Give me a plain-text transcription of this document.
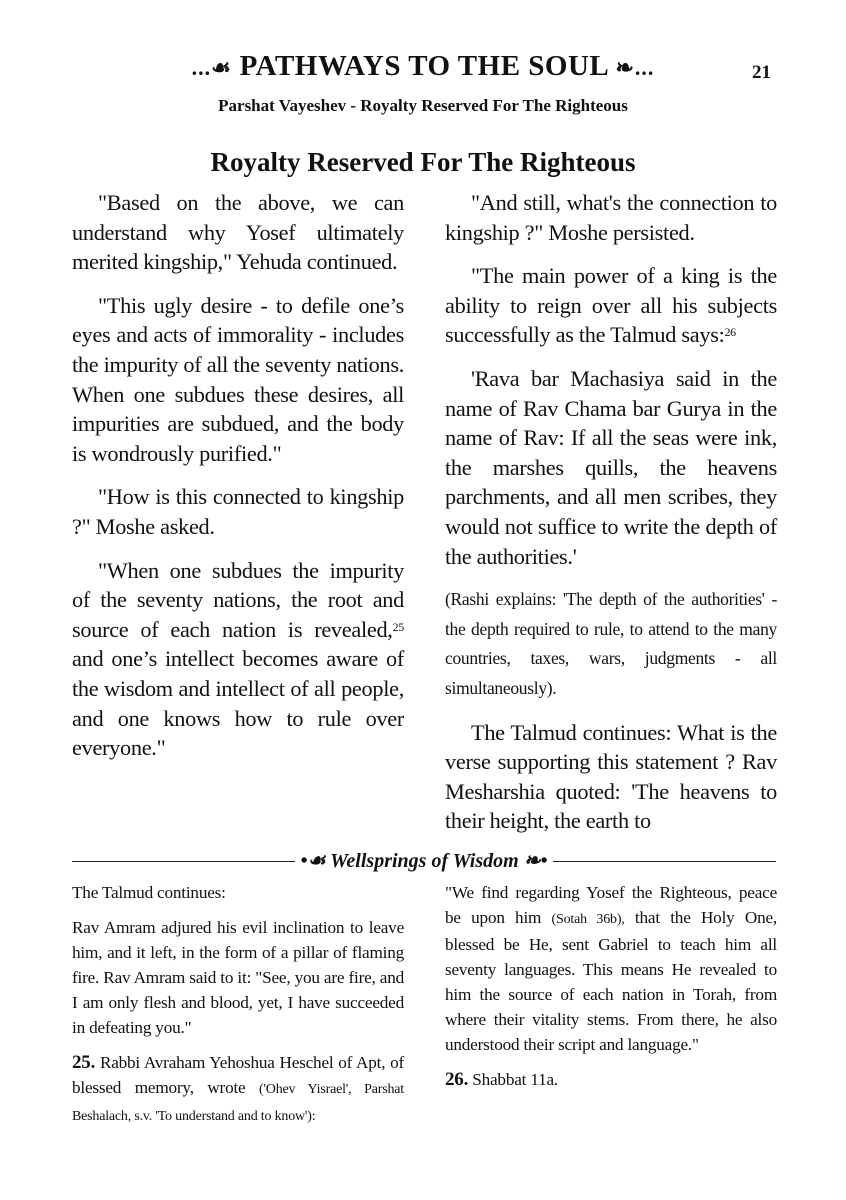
...☙ PATHWAYS TO THE SOUL ❧...	21
Parshat Vayeshev - Royalty Reserved For The Righteous
Royalty Reserved For The Righteous

"Based on the above, we can understand why Yosef ultimately merited kingship," Yehuda continued.

"This ugly desire - to defile one’s eyes and acts of immorality - includes the impurity of all the seventy nations. When one subdues these desires, all impurities are subdued, and the body is wondrously purified."

"How is this connected to kingship ?" Moshe asked.

"When one subdues the impurity of the seventy nations, the root and source of each nation is revealed,$^{25}$ and one’s intellect becomes aware of the wisdom and intellect of all people, and one knows how to rule over everyone."

"And still, what's the connection to kingship ?" Moshe persisted.

"The main power of a king is the ability to reign over all his subjects successfully as the Talmud says:$^{26}$

'Rava bar Machasiya said in the name of Rav Chama bar Gurya in the name of Rav: If all the seas were ink, the marshes quills, the heavens parchments, and all men scribes, they would not suffice to write the depth of the authorities.'

(Rashi explains: 'The depth of the authorities' - the depth required to rule, to attend to the many countries, taxes, wars, judgments - all simultaneously).

The Talmud continues: What is the verse supporting this statement ? Rav Mesharshia quoted: 'The heavens to their height, the earth to

•☙ Wellsprings of Wisdom ❧•

The Talmud continues:

Rav Amram adjured his evil inclination to leave him, and it left, in the form of a pillar of flaming fire. Rav Amram said to it: "See, you are fire, and I am only flesh and blood, yet, I have succeeded in defeating you."

25. Rabbi Avraham Yehoshua Heschel of Apt, of blessed memory, wrote ('Ohev Yisrael', Parshat Beshalach, s.v. 'To understand and to know'):

"We find regarding Yosef the Righteous, peace be upon him (Sotah 36b), that the Holy One, blessed be He, sent Gabriel to teach him all seventy languages. This means He revealed to him the source of each nation in Torah, from where their vitality stems. From there, he also understood their script and language."

26. Shabbat 11a.
